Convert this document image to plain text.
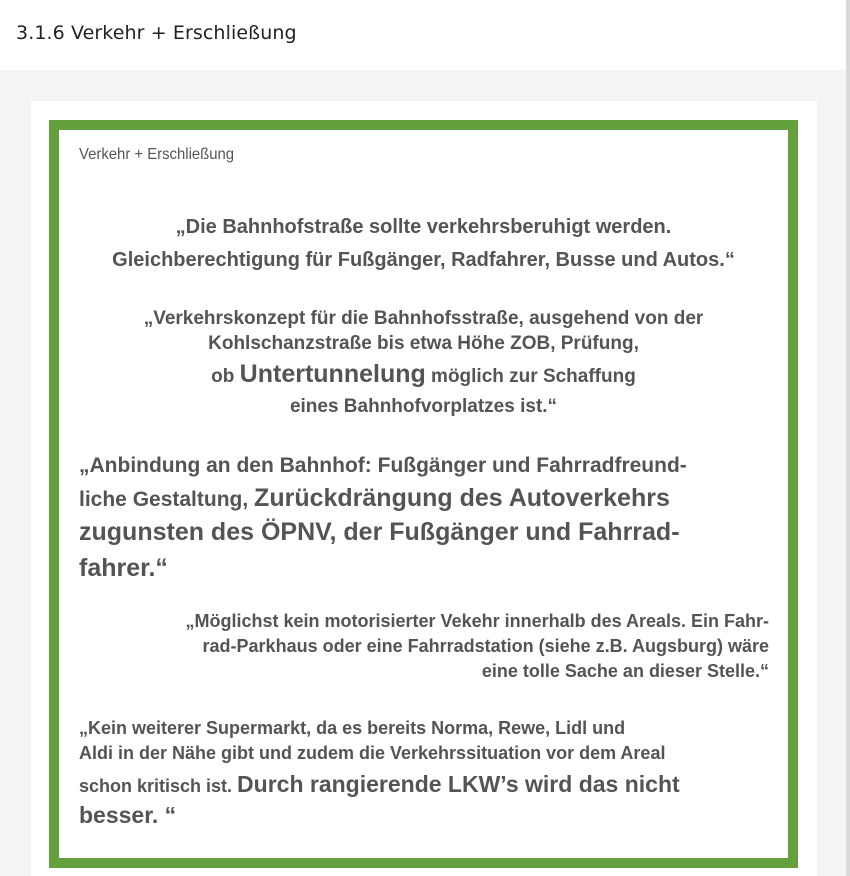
3.1.6 Verkehr + Erschließung
Verkehr + Erschließung
„Die Bahnhofstraße sollte verkehrsberuhigt werden.
Gleichberechtigung für Fußgänger, Radfahrer, Busse und Autos.“
„Verkehrskonzept für die Bahnhofsstraße, ausgehend von der
Kohlschanzstraße bis etwa Höhe ZOB, Prüfung,
ob Untertunnelung möglich zur Schaffung
eines Bahnhofvorplatzes ist.“
„Anbindung an den Bahnhof: Fußgänger und Fahrradfreund-
liche Gestaltung, Zurückdrängung des Autoverkehrs
zugunsten des ÖPNV, der Fußgänger und Fahrrad-
fahrer.“
„Möglichst kein motorisierter Vekehr innerhalb des Areals. Ein Fahr-
rad-Parkhaus oder eine Fahrradstation (siehe z.B. Augsburg) wäre
eine tolle Sache an dieser Stelle.“
„Kein weiterer Supermarkt, da es bereits Norma, Rewe, Lidl und
Aldi in der Nähe gibt und zudem die Verkehrssituation vor dem Areal
schon kritisch ist. Durch rangierende LKW’s wird das nicht
besser. “
